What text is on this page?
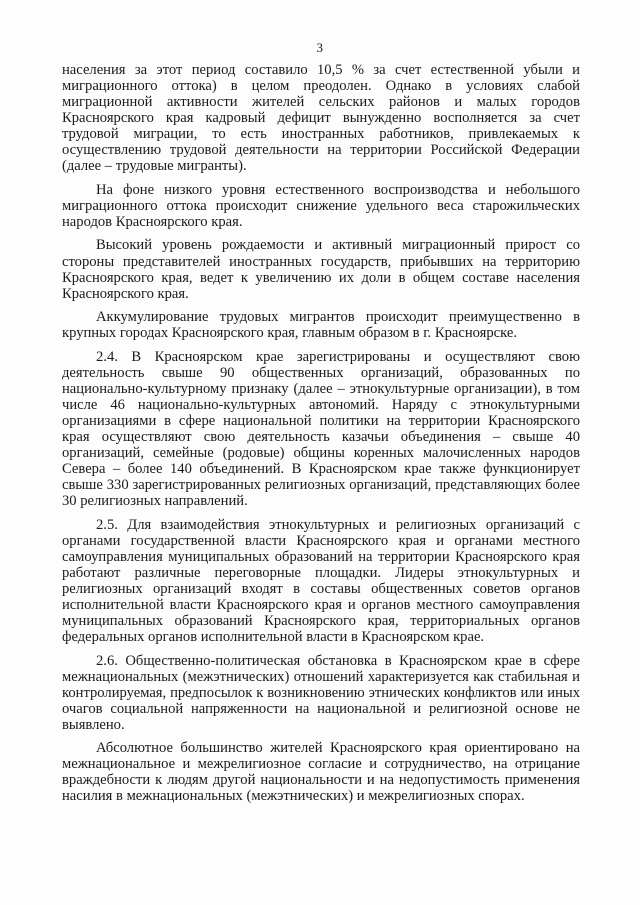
3

населения за этот период составило 10,5 % за счет естественной убыли и миграционного оттока) в целом преодолен. Однако в условиях слабой миграционной активности жителей сельских районов и малых городов Красноярского края кадровый дефицит вынужденно восполняется за счет трудовой миграции, то есть иностранных работников, привлекаемых к осуществлению трудовой деятельности на территории Российской Федерации (далее – трудовые мигранты).

На фоне низкого уровня естественного воспроизводства и небольшого миграционного оттока происходит снижение удельного веса старожильческих народов Красноярского края.

Высокий уровень рождаемости и активный миграционный прирост со стороны представителей иностранных государств, прибывших на территорию Красноярского края, ведет к увеличению их доли в общем составе населения Красноярского края.

Аккумулирование трудовых мигрантов происходит преимущественно в крупных городах Красноярского края, главным образом в г. Красноярске.

2.4. В Красноярском крае зарегистрированы и осуществляют свою деятельность свыше 90 общественных организаций, образованных по национально-культурному признаку (далее – этнокультурные организации), в том числе 46 национально-культурных автономий. Наряду с этнокультурными организациями в сфере национальной политики на территории Красноярского края осуществляют свою деятельность казачьи объединения – свыше 40 организаций, семейные (родовые) общины коренных малочисленных народов Севера – более 140 объединений. В Красноярском крае также функционирует свыше 330 зарегистрированных религиозных организаций, представляющих более 30 религиозных направлений.

2.5. Для взаимодействия этнокультурных и религиозных организаций с органами государственной власти Красноярского края и органами местного самоуправления муниципальных образований на территории Красноярского края работают различные переговорные площадки. Лидеры этнокультурных и религиозных организаций входят в составы общественных советов органов исполнительной власти Красноярского края и органов местного самоуправления муниципальных образований Красноярского края, территориальных органов федеральных органов исполнительной власти в Красноярском крае.

2.6. Общественно-политическая обстановка в Красноярском крае в сфере межнациональных (межэтнических) отношений характеризуется как стабильная и контролируемая, предпосылок к возникновению этнических конфликтов или иных очагов социальной напряженности на национальной и религиозной основе не выявлено.

Абсолютное большинство жителей Красноярского края ориентировано на межнациональное и межрелигиозное согласие и сотрудничество, на отрицание враждебности к людям другой национальности и на недопустимость применения насилия в межнациональных (межэтнических) и межрелигиозных спорах.
